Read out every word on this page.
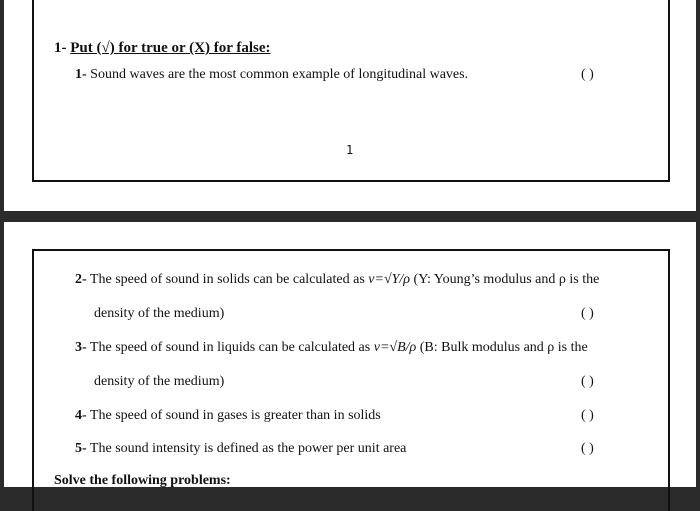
1- Put (√) for true or (X) for false:
1- Sound waves are the most common example of longitudinal waves.	( )
1
2- The speed of sound in solids can be calculated as v=√Y/ρ (Y: Young’s modulus and ρ is the
density of the medium)	( )
3- The speed of sound in liquids can be calculated as v=√B/ρ (B: Bulk modulus and ρ is the
density of the medium)	( )
4- The speed of sound in gases is greater than in solids	( )
5- The sound intensity is defined as the power per unit area	( )
Solve the following problems:
